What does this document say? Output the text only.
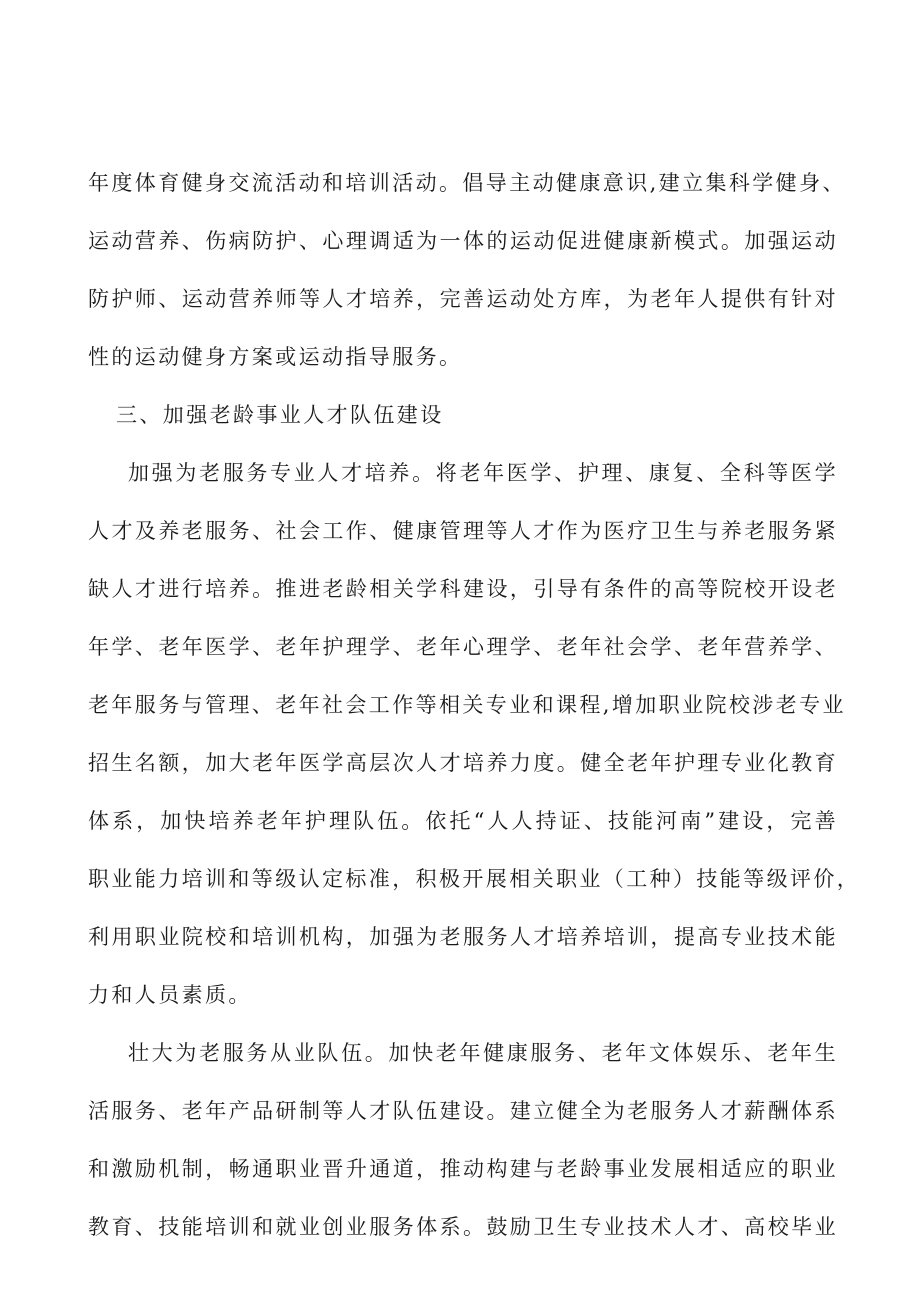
年度体育健身交流活动和培训活动。倡导主动健康意识,建立集科学健身、
运动营养、伤病防护、心理调适为一体的运动促进健康新模式。加强运动
防护师、运动营养师等人才培养，完善运动处方库，为老年人提供有针对
性的运动健身方案或运动指导服务。
三、加强老龄事业人才队伍建设
加强为老服务专业人才培养。将老年医学、护理、康复、全科等医学
人才及养老服务、社会工作、健康管理等人才作为医疗卫生与养老服务紧
缺人才进行培养。推进老龄相关学科建设，引导有条件的高等院校开设老
年学、老年医学、老年护理学、老年心理学、老年社会学、老年营养学、
老年服务与管理、老年社会工作等相关专业和课程,增加职业院校涉老专业
招生名额，加大老年医学高层次人才培养力度。健全老年护理专业化教育
体系，加快培养老年护理队伍。依托“人人持证、技能河南”建设，完善
职业能力培训和等级认定标准，积极开展相关职业（工种）技能等级评价，
利用职业院校和培训机构，加强为老服务人才培养培训，提高专业技术能
力和人员素质。
壮大为老服务从业队伍。加快老年健康服务、老年文体娱乐、老年生
活服务、老年产品研制等人才队伍建设。建立健全为老服务人才薪酬体系
和激励机制，畅通职业晋升通道，推动构建与老龄事业发展相适应的职业
教育、技能培训和就业创业服务体系。鼓励卫生专业技术人才、高校毕业
